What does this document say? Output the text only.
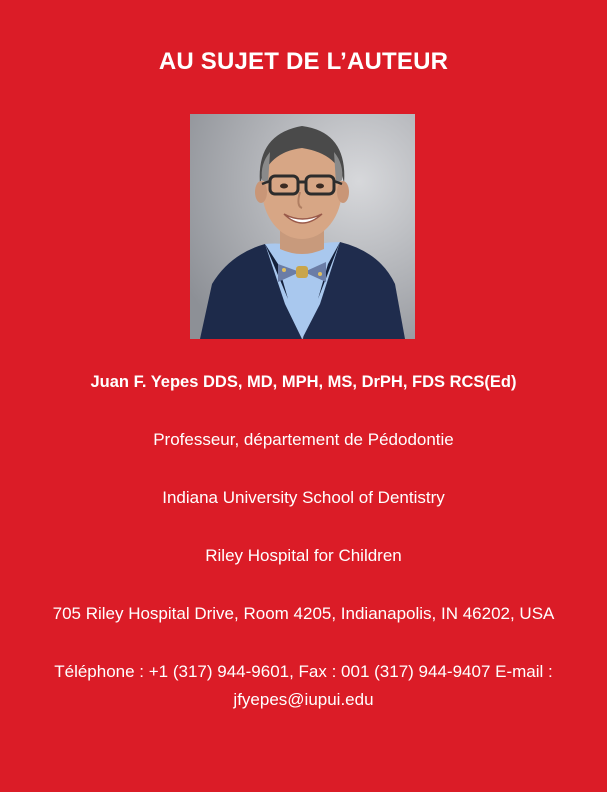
AU SUJET DE L’AUTEUR

Juan F. Yepes DDS, MD, MPH, MS, DrPH, FDS RCS(Ed)

Professeur, département de Pédodontie

Indiana University School of Dentistry

Riley Hospital for Children

705 Riley Hospital Drive, Room 4205, Indianapolis, IN 46202, USA

Téléphone : +1 (317) 944-9601, Fax : 001 (317) 944-9407 E-mail :
jfyepes@iupui.edu
